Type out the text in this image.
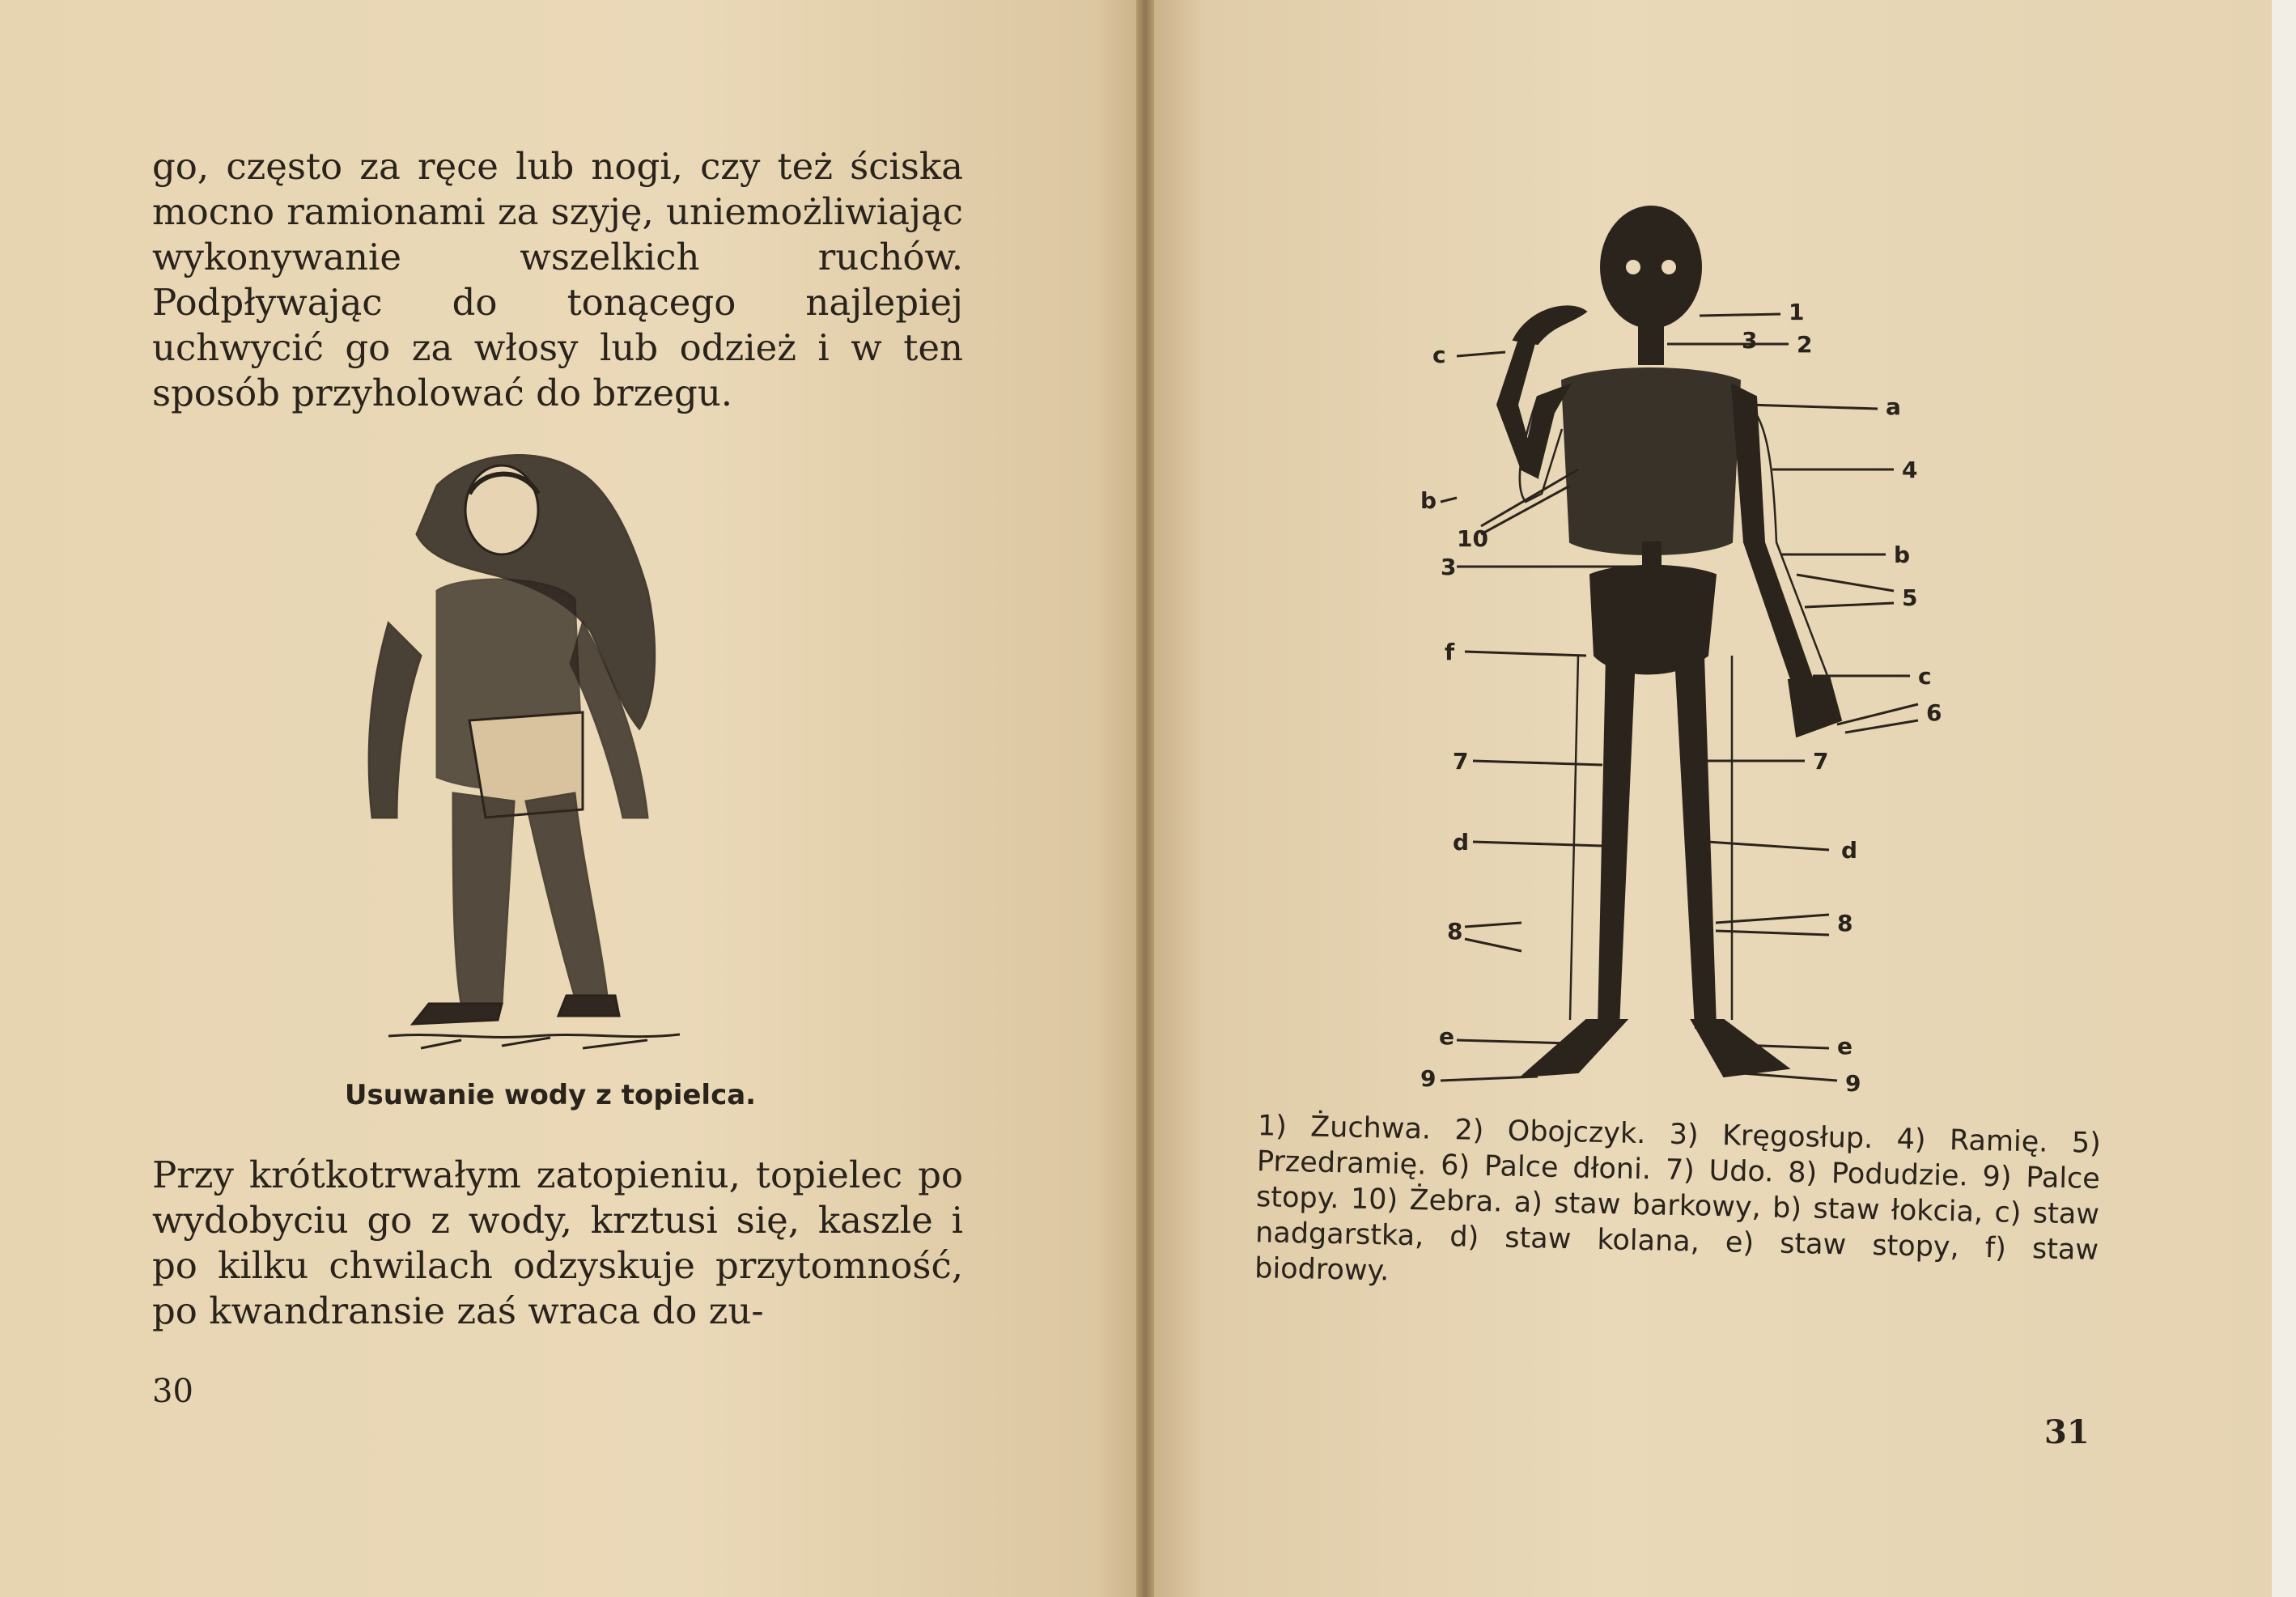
go, często za ręce lub nogi, czy też ściska mocno ramionami za szyję, uniemożliwiając wykonywanie wszelkich ruchów. Podpływając do tonącego najlepiej uchwycić go za włosy lub odzież i w ten sposób przyholować do brzegu.

Usuwanie wody z topielca.

Przy krótkotrwałym zatopieniu, topielec po wydobyciu go z wody, krztusi się, kaszle i po kilku chwilach odzyskuje przytomność, po kwandransie zaś wraca do zu-

30
1
2
3
a
4
b
5
c
6
c
b
10
3
f
7	7
d	d
8	8
e	e
9	9
1) Żuchwa. 2) Obojczyk. 3) Kręgosłup. 4) Ramię. 5) Przedramię. 6) Palce dłoni. 7) Udo. 8) Podudzie. 9) Palce stopy. 10) Żebra. a) staw barkowy, b) staw łokcia, c) staw nadgarstka, d) staw kolana, e) staw stopy, f) staw biodrowy.
31
